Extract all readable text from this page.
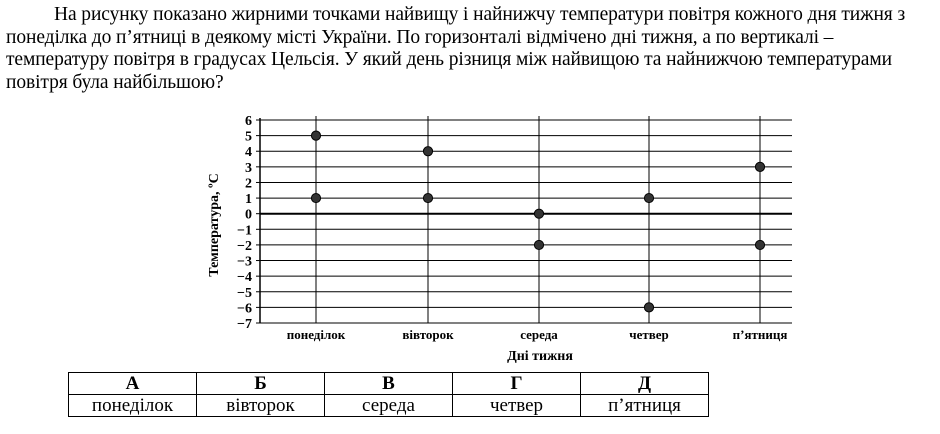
На рисунку показано жирними точками найвищу і найнижчу температури повітря кожного дня тижня з понеділка до п’ятниці в деякому місті України. По горизонталі відмічено дні тижня, а по вертикалі – температуру повітря в градусах Цельсія. У який день різниця між найвищою та найнижчою температурами повітря була найбільшою?

6
5
4
3
2
1
0
−1
−2
−3
−4
−5
−6
−7
понеділок	вівторок	середа	четвер	п’ятниця
Температура, ºC
Дні тижня
А	Б	В	Г	Д
понеділок	вівторок	середа	четвер	п’ятниця
